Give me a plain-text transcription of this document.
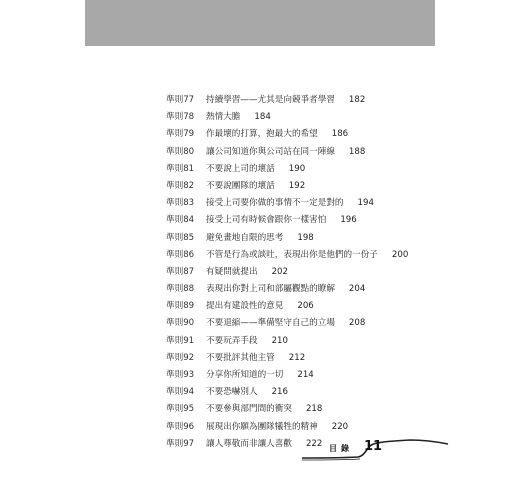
準則77	持續學習——尤其是向競爭者學習 182
準則78	熱情大膽 184
準則79	作最壞的打算，抱最大的希望 186
準則80	讓公司知道你與公司站在同一陣線 188
準則81	不要說上司的壞話 190
準則82	不要說團隊的壞話 192
準則83	接受上司要你做的事情不一定是對的 194
準則84	接受上司有時候會跟你一樣害怕 196
準則85	避免畫地自限的思考 198
準則86	不管是行為或談吐，表現出你是他們的一份子 200
準則87	有疑問就提出 202
準則88	表現出你對上司和部屬觀點的瞭解 204
準則89	提出有建設性的意見 206
準則90	不要退縮——準備堅守自己的立場 208
準則91	不要玩弄手段 210
準則92	不要批評其他主管 212
準則93	分享你所知道的一切 214
準則94	不要恐嚇別人 216
準則95	不要參與部門間的衝突 218
準則96	展現出你願為團隊犧牲的精神 220
準則97	讓人尊敬而非讓人喜歡 222 目錄 11
